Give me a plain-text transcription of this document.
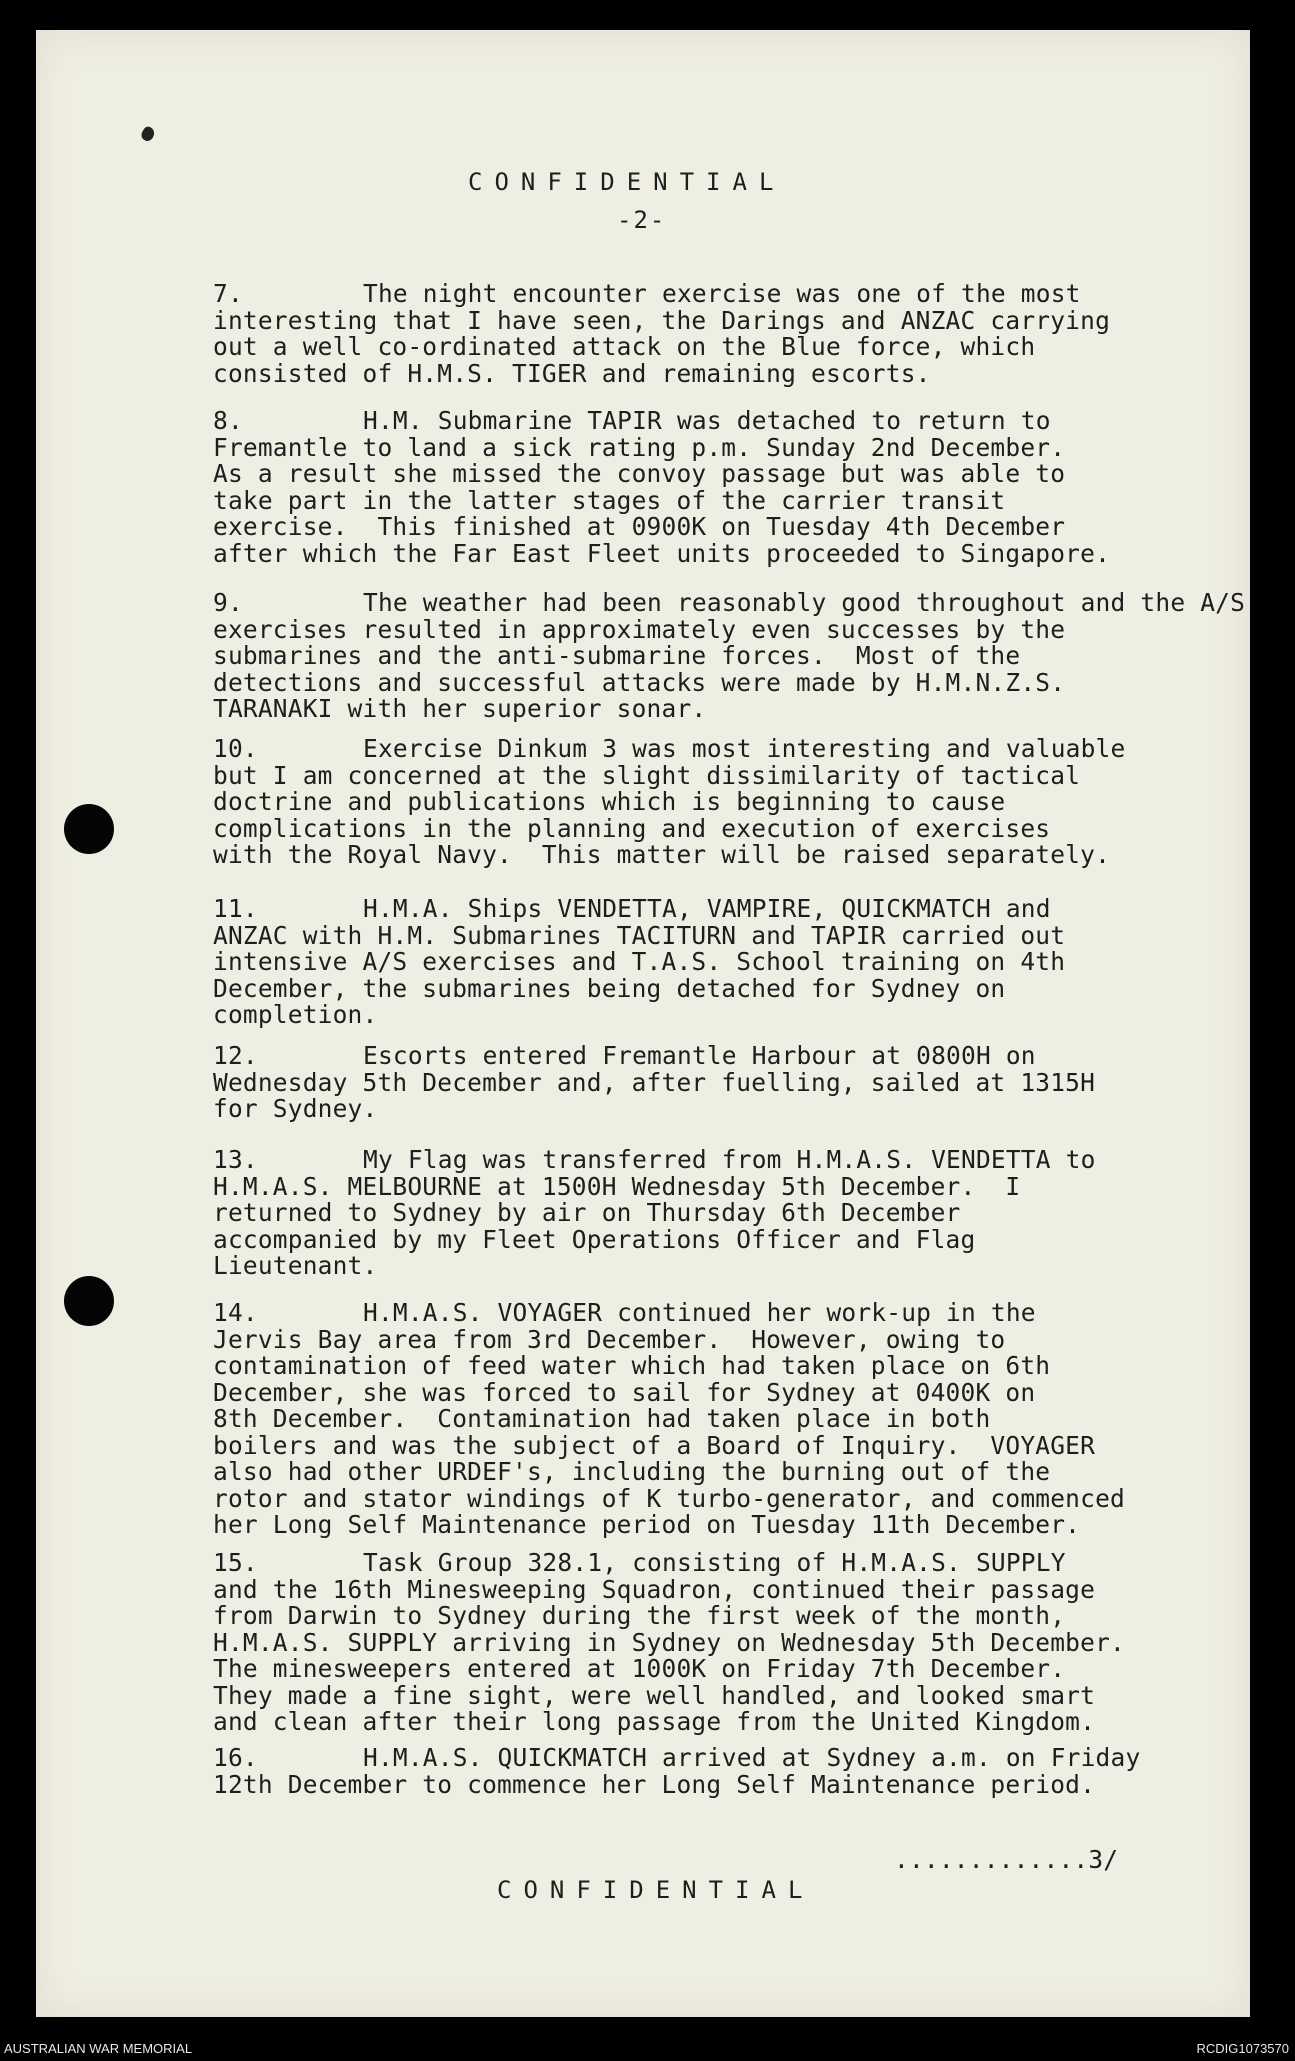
CONFIDENTIAL
-2-
7.	The night encounter exercise was one of the most
interesting that I have seen, the Darings and ANZAC carrying
out a well co-ordinated attack on the Blue force, which
consisted of H.M.S. TIGER and remaining escorts.
8.	H.M. Submarine TAPIR was detached to return to
Fremantle to land a sick rating p.m. Sunday 2nd December.
As a result she missed the convoy passage but was able to
take part in the latter stages of the carrier transit
exercise.  This finished at 0900K on Tuesday 4th December
after which the Far East Fleet units proceeded to Singapore.
9.	The weather had been reasonably good throughout and the A/S
exercises resulted in approximately even successes by the
submarines and the anti-submarine forces.  Most of the
detections and successful attacks were made by H.M.N.Z.S.
TARANAKI with her superior sonar.
10.	Exercise Dinkum 3 was most interesting and valuable
but I am concerned at the slight dissimilarity of tactical
doctrine and publications which is beginning to cause
complications in the planning and execution of exercises
with the Royal Navy.  This matter will be raised separately.
11.	H.M.A. Ships VENDETTA, VAMPIRE, QUICKMATCH and
ANZAC with H.M. Submarines TACITURN and TAPIR carried out
intensive A/S exercises and T.A.S. School training on 4th
December, the submarines being detached for Sydney on
completion.
12.	Escorts entered Fremantle Harbour at 0800H on
Wednesday 5th December and, after fuelling, sailed at 1315H
for Sydney.
13.	My Flag was transferred from H.M.A.S. VENDETTA to
H.M.A.S. MELBOURNE at 1500H Wednesday 5th December.  I
returned to Sydney by air on Thursday 6th December
accompanied by my Fleet Operations Officer and Flag
Lieutenant.
14.	H.M.A.S. VOYAGER continued her work-up in the
Jervis Bay area from 3rd December.  However, owing to
contamination of feed water which had taken place on 6th
December, she was forced to sail for Sydney at 0400K on
8th December.  Contamination had taken place in both
boilers and was the subject of a Board of Inquiry.  VOYAGER
also had other URDEF's, including the burning out of the
rotor and stator windings of K turbo-generator, and commenced
her Long Self Maintenance period on Tuesday 11th December.
15.	Task Group 328.1, consisting of H.M.A.S. SUPPLY
and the 16th Minesweeping Squadron, continued their passage
from Darwin to Sydney during the first week of the month,
H.M.A.S. SUPPLY arriving in Sydney on Wednesday 5th December.
The minesweepers entered at 1000K on Friday 7th December.
They made a fine sight, were well handled, and looked smart
and clean after their long passage from the United Kingdom.
16.	H.M.A.S. QUICKMATCH arrived at Sydney a.m. on Friday
12th December to commence her Long Self Maintenance period.
.............3/
CONFIDENTIAL
AUSTRALIAN WAR MEMORIAL	RCDIG1073570
